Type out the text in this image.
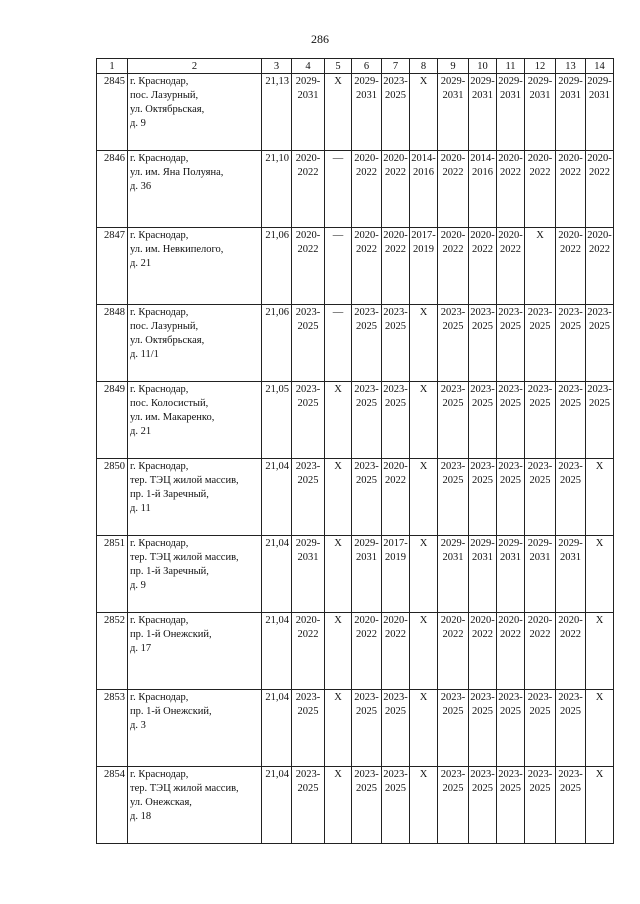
286
1	2	3	4	5	6	7	8	9	10	11	12	13	14
2845	г. Краснодар,
пос. Лазурный,
ул. Октябрьская,
д. 9	21,13	2029-
2031	Х	2029-
2031	2023-
2025	Х	2029-
2031	2029-
2031	2029-
2031	2029-
2031	2029-
2031	2029-
2031
2846	г. Краснодар,
ул. им. Яна Полуяна,
д. 36	21,10	2020-
2022	—	2020-
2022	2020-
2022	2014-
2016	2020-
2022	2014-
2016	2020-
2022	2020-
2022	2020-
2022	2020-
2022
2847	г. Краснодар,
ул. им. Невкипелого,
д. 21	21,06	2020-
2022	—	2020-
2022	2020-
2022	2017-
2019	2020-
2022	2020-
2022	2020-
2022	Х	2020-
2022	2020-
2022
2848	г. Краснодар,
пос. Лазурный,
ул. Октябрьская,
д. 11/1	21,06	2023-
2025	—	2023-
2025	2023-
2025	Х	2023-
2025	2023-
2025	2023-
2025	2023-
2025	2023-
2025	2023-
2025
2849	г. Краснодар,
пос. Колосистый,
ул. им. Макаренко,
д. 21	21,05	2023-
2025	Х	2023-
2025	2023-
2025	Х	2023-
2025	2023-
2025	2023-
2025	2023-
2025	2023-
2025	2023-
2025
2850	г. Краснодар,
тер. ТЭЦ жилой массив,
пр. 1-й Заречный,
д. 11	21,04	2023-
2025	Х	2023-
2025	2020-
2022	Х	2023-
2025	2023-
2025	2023-
2025	2023-
2025	2023-
2025	Х
2851	г. Краснодар,
тер. ТЭЦ жилой массив,
пр. 1-й Заречный,
д. 9	21,04	2029-
2031	Х	2029-
2031	2017-
2019	Х	2029-
2031	2029-
2031	2029-
2031	2029-
2031	2029-
2031	Х
2852	г. Краснодар,
пр. 1-й Онежский,
д. 17	21,04	2020-
2022	Х	2020-
2022	2020-
2022	Х	2020-
2022	2020-
2022	2020-
2022	2020-
2022	2020-
2022	Х
2853	г. Краснодар,
пр. 1-й Онежский,
д. 3	21,04	2023-
2025	Х	2023-
2025	2023-
2025	Х	2023-
2025	2023-
2025	2023-
2025	2023-
2025	2023-
2025	Х
2854	г. Краснодар,
тер. ТЭЦ жилой массив,
ул. Онежская,
д. 18	21,04	2023-
2025	Х	2023-
2025	2023-
2025	Х	2023-
2025	2023-
2025	2023-
2025	2023-
2025	2023-
2025	Х
